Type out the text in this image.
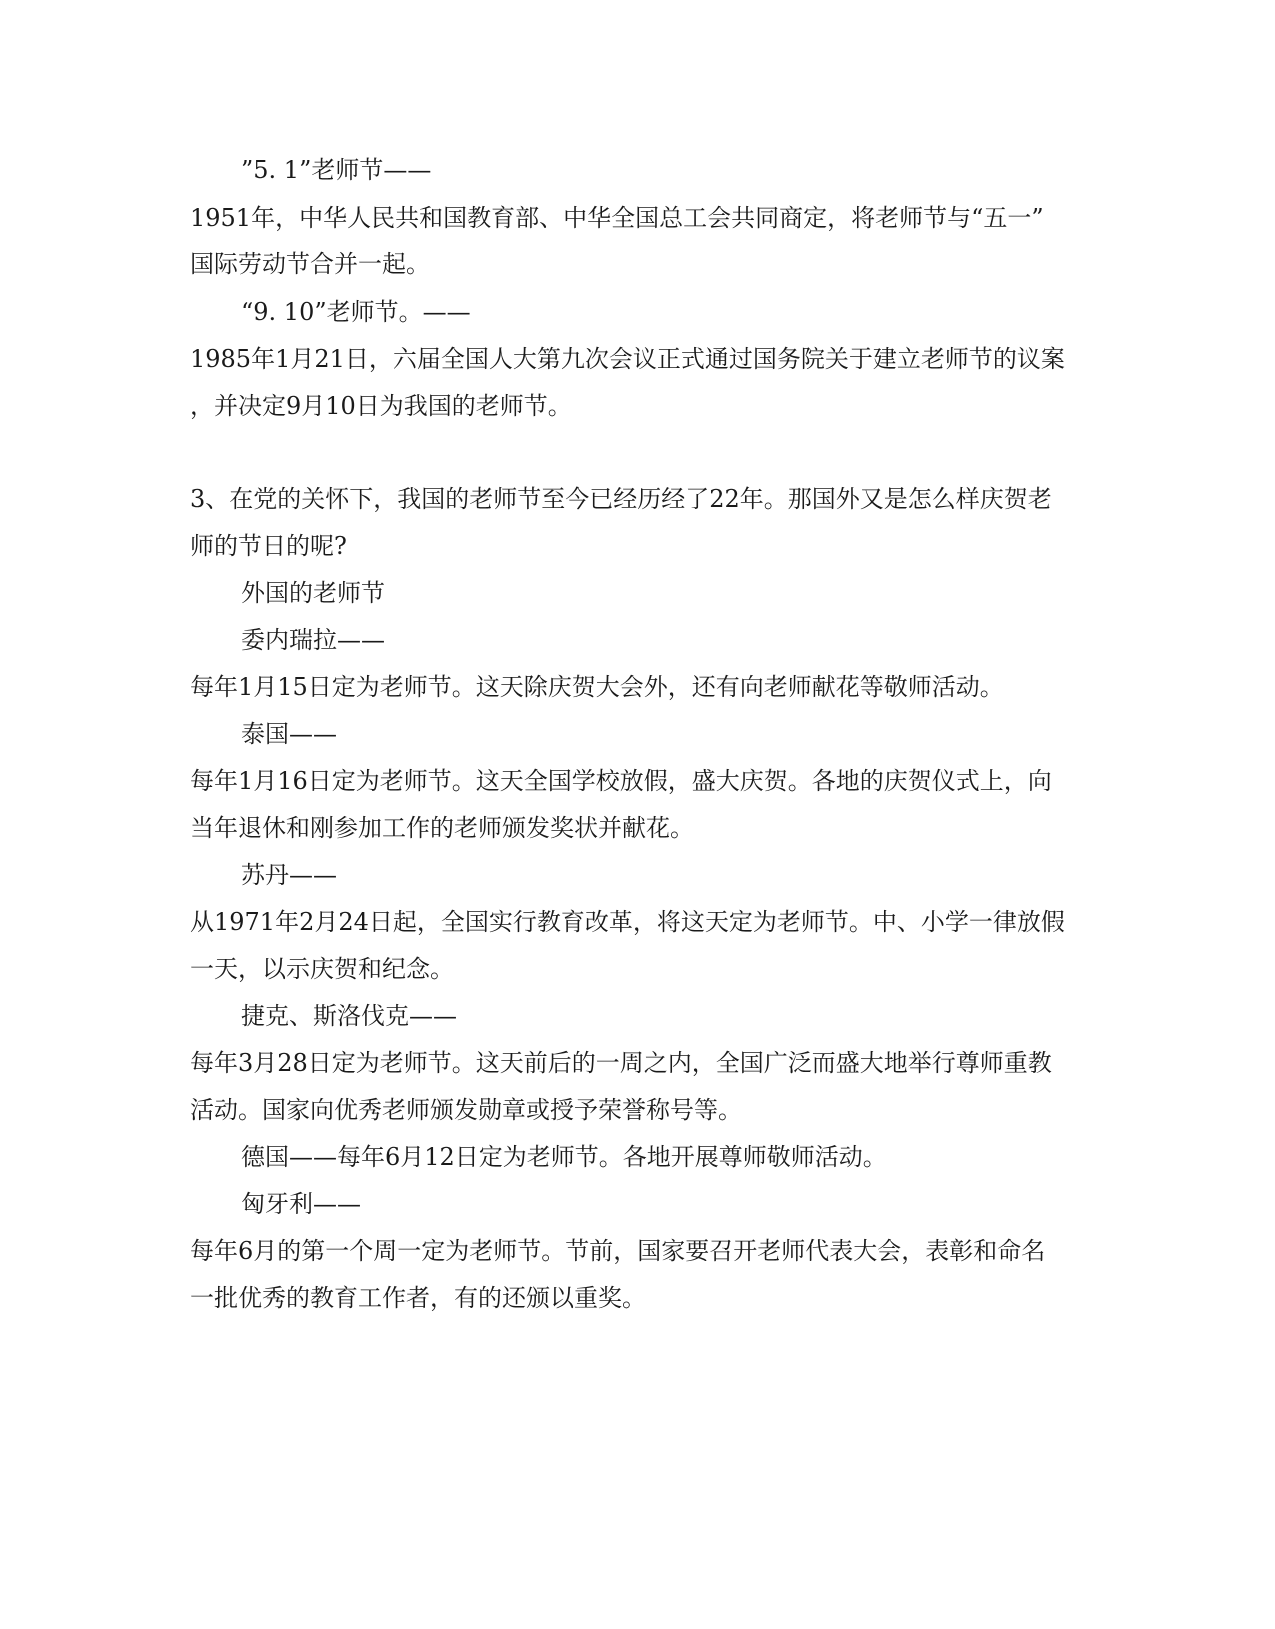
”5. 1”老师节——

1951年，中华人民共和国教育部、中华全国总工会共同商定，将老师节与“五一”

国际劳动节合并一起。

“9. 10”老师节。——

1985年1月21日，六届全国人大第九次会议正式通过国务院关于建立老师节的议案

，并决定9月10日为我国的老师节。

3、在党的关怀下，我国的老师节至今已经历经了22年。那国外又是怎么样庆贺老

师的节日的呢?

外国的老师节

委内瑞拉——

每年1月15日定为老师节。这天除庆贺大会外，还有向老师献花等敬师活动。

泰国——

每年1月16日定为老师节。这天全国学校放假，盛大庆贺。各地的庆贺仪式上，向

当年退休和刚参加工作的老师颁发奖状并献花。

苏丹——

从1971年2月24日起，全国实行教育改革，将这天定为老师节。中、小学一律放假

一天，以示庆贺和纪念。

捷克、斯洛伐克——

每年3月28日定为老师节。这天前后的一周之内，全国广泛而盛大地举行尊师重教

活动。国家向优秀老师颁发勋章或授予荣誉称号等。

德国——每年6月12日定为老师节。各地开展尊师敬师活动。

匈牙利——

每年6月的第一个周一定为老师节。节前，国家要召开老师代表大会，表彰和命名

一批优秀的教育工作者，有的还颁以重奖。
